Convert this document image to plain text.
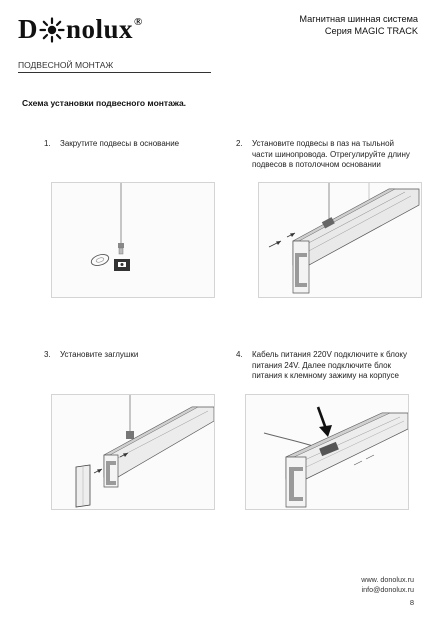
D nolux ®	Магнитная шинная система
Серия MAGIC TRACK
ПОДВЕСНОЙ МОНТАЖ
Схема установки подвесного монтажа.
1.	Закрутите подвесы в основание	2.	Установите подвесы в паз на тыльной части шинопровода. Отрегулируйте длину подвесов в потолочном основании
3.	Установите заглушки	4.	Кабель питания 220V подключите к блоку питания 24V. Далее подключите блок питания к клемному зажиму на корпусе
www. donolux.ru
info@donolux.ru
8
